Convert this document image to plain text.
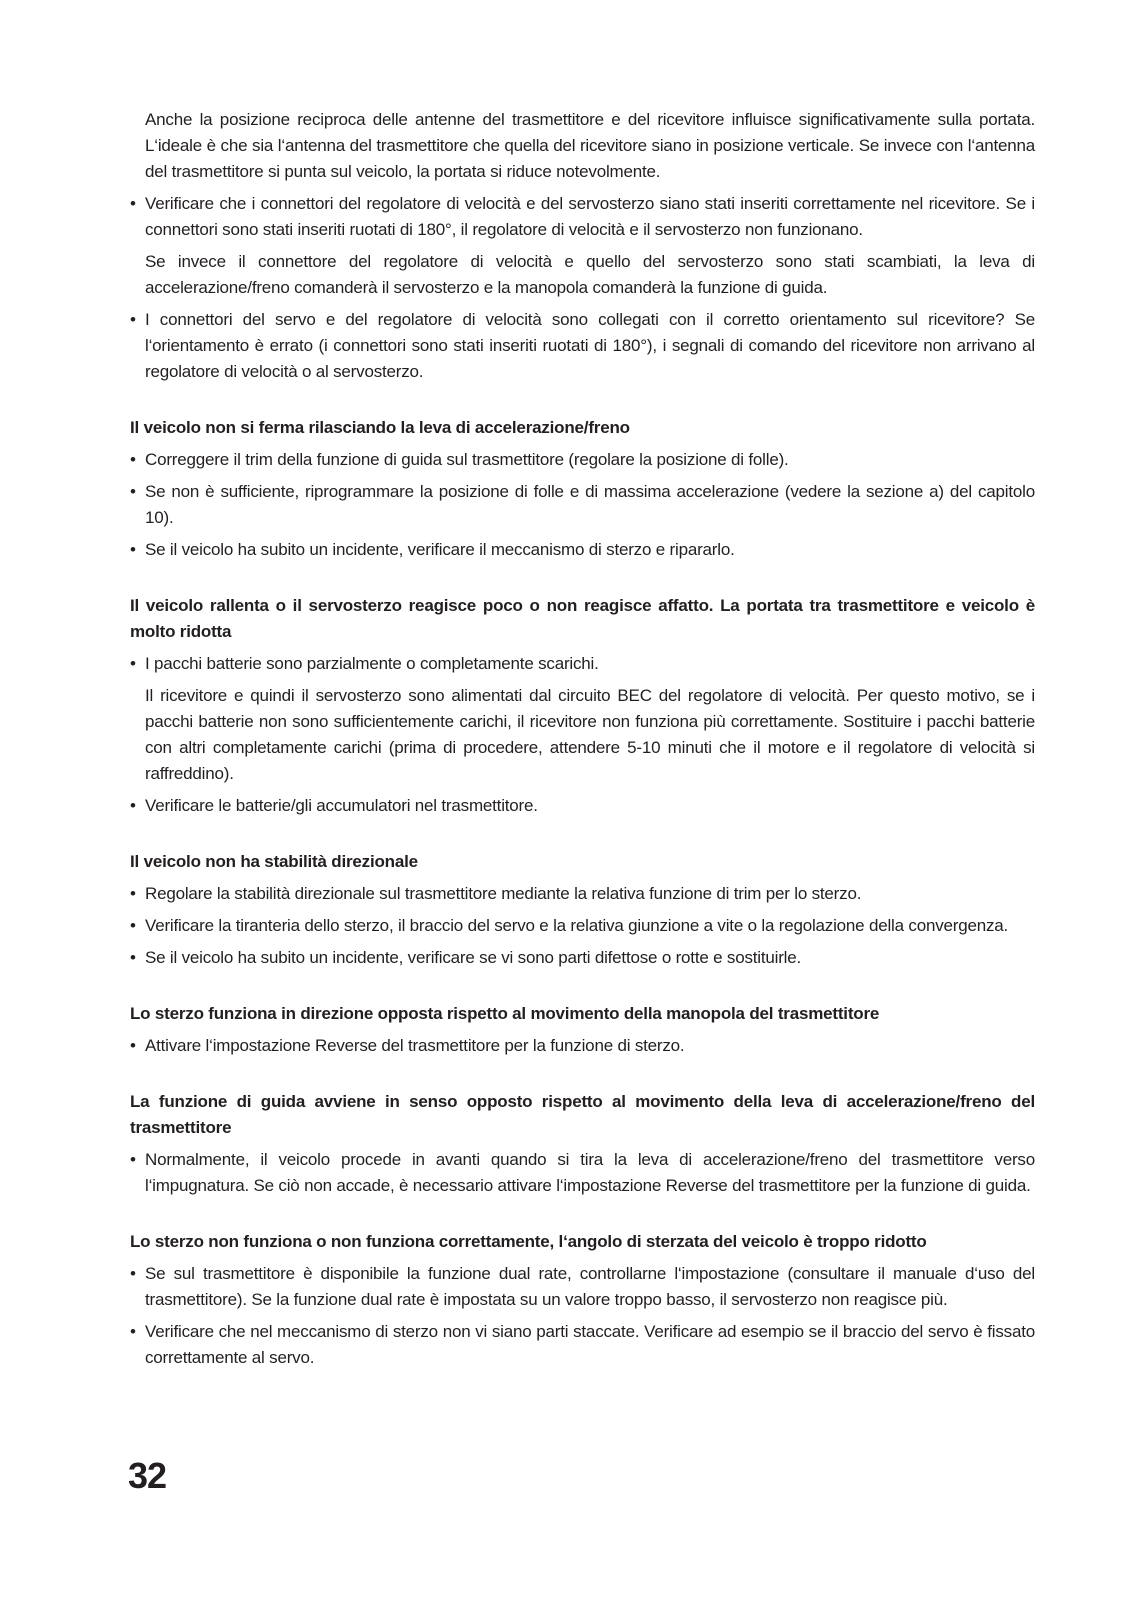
Anche la posizione reciproca delle antenne del trasmettitore e del ricevitore influisce significativamente sulla portata. L‘ideale è che sia l‘antenna del trasmettitore che quella del ricevitore siano in posizione verticale. Se invece con l‘antenna del trasmettitore si punta sul veicolo, la portata si riduce notevolmente.

• Verificare che i connettori del regolatore di velocità e del servosterzo siano stati inseriti correttamente nel ricevitore. Se i connettori sono stati inseriti ruotati di 180°, il regolatore di velocità e il servosterzo non funzionano.

Se invece il connettore del regolatore di velocità e quello del servosterzo sono stati scambiati, la leva di accelerazione/freno comanderà il servosterzo e la manopola comanderà la funzione di guida.

• I connettori del servo e del regolatore di velocità sono collegati con il corretto orientamento sul ricevitore? Se l‘orientamento è errato (i connettori sono stati inseriti ruotati di 180°), i segnali di comando del ricevitore non arrivano al regolatore di velocità o al servosterzo.
Il veicolo non si ferma rilasciando la leva di accelerazione/freno
• Correggere il trim della funzione di guida sul trasmettitore (regolare la posizione di folle).
• Se non è sufficiente, riprogrammare la posizione di folle e di massima accelerazione (vedere la sezione a) del capitolo 10).
• Se il veicolo ha subito un incidente, verificare il meccanismo di sterzo e ripararlo.
Il veicolo rallenta o il servosterzo reagisce poco o non reagisce affatto. La portata tra trasmettitore e veicolo è molto ridotta
• I pacchi batterie sono parzialmente o completamente scarichi.

Il ricevitore e quindi il servosterzo sono alimentati dal circuito BEC del regolatore di velocità. Per questo motivo, se i pacchi batterie non sono sufficientemente carichi, il ricevitore non funziona più correttamente. Sostituire i pacchi batterie con altri completamente carichi (prima di procedere, attendere 5-10 minuti che il motore e il regolatore di velocità si raffreddino).

• Verificare le batterie/gli accumulatori nel trasmettitore.
Il veicolo non ha stabilità direzionale
• Regolare la stabilità direzionale sul trasmettitore mediante la relativa funzione di trim per lo sterzo.
• Verificare la tiranteria dello sterzo, il braccio del servo e la relativa giunzione a vite o la regolazione della convergenza.
• Se il veicolo ha subito un incidente, verificare se vi sono parti difettose o rotte e sostituirle.
Lo sterzo funziona in direzione opposta rispetto al movimento della manopola del trasmettitore
• Attivare l‘impostazione Reverse del trasmettitore per la funzione di sterzo.
La funzione di guida avviene in senso opposto rispetto al movimento della leva di accelerazione/freno del trasmettitore
• Normalmente, il veicolo procede in avanti quando si tira la leva di accelerazione/freno del trasmettitore verso l‘impugnatura. Se ciò non accade, è necessario attivare l‘impostazione Reverse del trasmettitore per la funzione di guida.
Lo sterzo non funziona o non funziona correttamente, l‘angolo di sterzata del veicolo è troppo ridotto
• Se sul trasmettitore è disponibile la funzione dual rate, controllarne l‘impostazione (consultare il manuale d‘uso del trasmettitore). Se la funzione dual rate è impostata su un valore troppo basso, il servosterzo non reagisce più.
• Verificare che nel meccanismo di sterzo non vi siano parti staccate. Verificare ad esempio se il braccio del servo è fissato correttamente al servo.
32
